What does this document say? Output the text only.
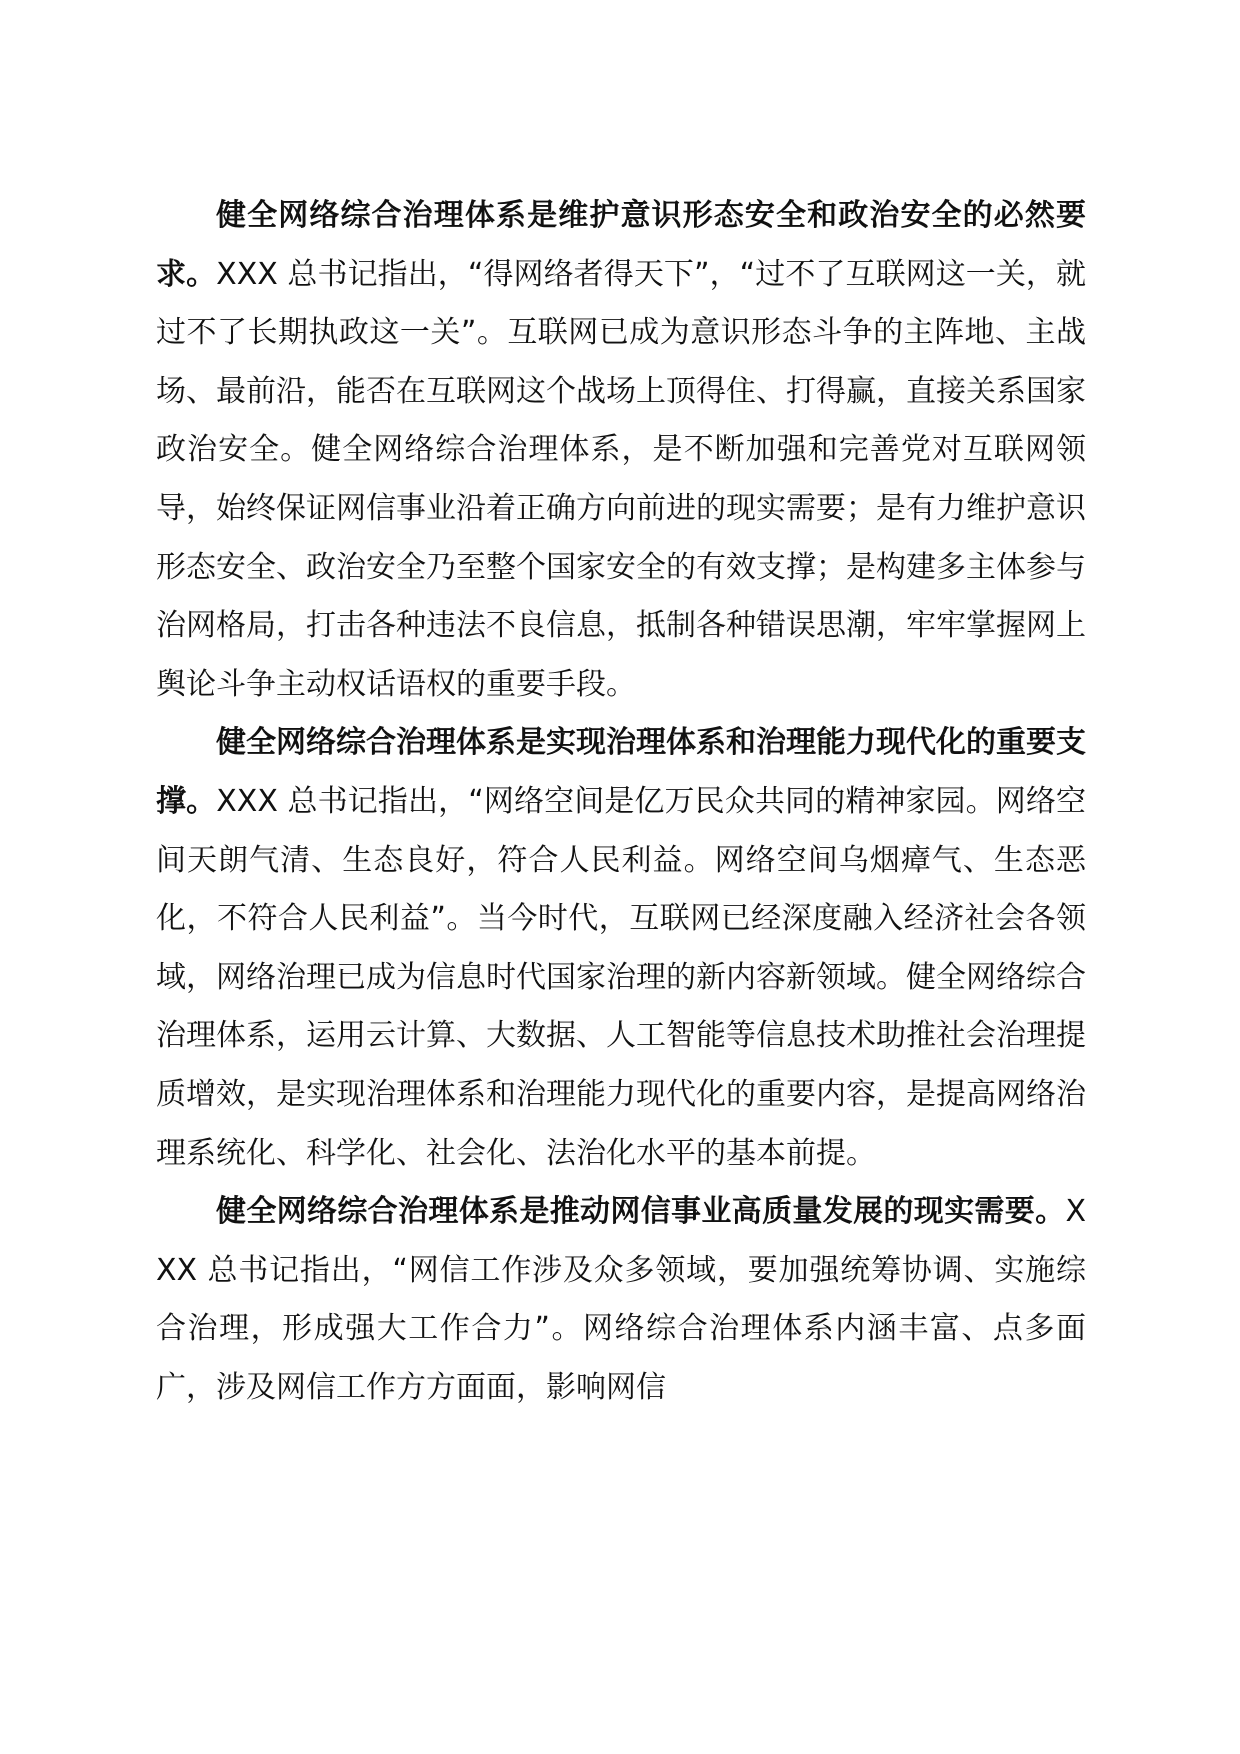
健全网络综合治理体系是维护意识形态安全和政治安全的必然要求。XXX 总书记指出，“得网络者得天下”，“过不了互联网这一关，就过不了长期执政这一关”。互联网已成为意识形态斗争的主阵地、主战场、最前沿，能否在互联网这个战场上顶得住、打得赢，直接关系国家政治安全。健全网络综合治理体系，是不断加强和完善党对互联网领导，始终保证网信事业沿着正确方向前进的现实需要；是有力维护意识形态安全、政治安全乃至整个国家安全的有效支撑；是构建多主体参与治网格局，打击各种违法不良信息，抵制各种错误思潮，牢牢掌握网上舆论斗争主动权话语权的重要手段。

健全网络综合治理体系是实现治理体系和治理能力现代化的重要支撑。XXX 总书记指出，“网络空间是亿万民众共同的精神家园。网络空间天朗气清、生态良好，符合人民利益。网络空间乌烟瘴气、生态恶化，不符合人民利益”。当今时代，互联网已经深度融入经济社会各领域，网络治理已成为信息时代国家治理的新内容新领域。健全网络综合治理体系，运用云计算、大数据、人工智能等信息技术助推社会治理提质增效，是实现治理体系和治理能力现代化的重要内容，是提高网络治理系统化、科学化、社会化、法治化水平的基本前提。

健全网络综合治理体系是推动网信事业高质量发展的现实需要。XXX 总书记指出，“网信工作涉及众多领域，要加强统筹协调、实施综合治理，形成强大工作合力”。网络综合治理体系内涵丰富、点多面广，涉及网信工作方方面面，影响网信
